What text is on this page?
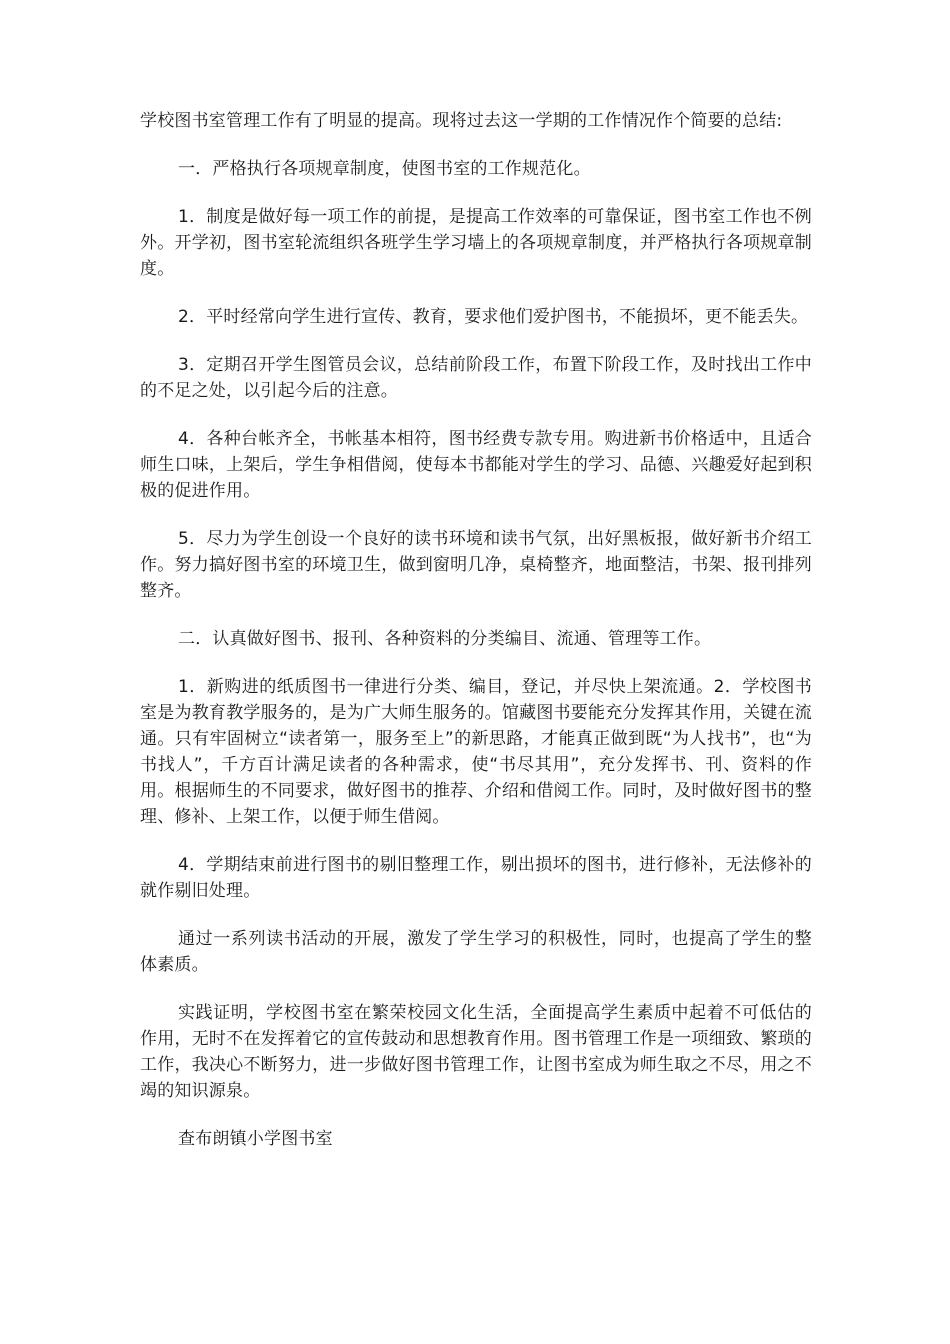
学校图书室管理工作有了明显的提高。现将过去这一学期的工作情况作个简要的总结:

一．严格执行各项规章制度，使图书室的工作规范化。

1．制度是做好每一项工作的前提，是提高工作效率的可靠保证，图书室工作也不例外。开学初，图书室轮流组织各班学生学习墙上的各项规章制度，并严格执行各项规章制度。

2．平时经常向学生进行宣传、教育，要求他们爱护图书，不能损坏，更不能丢失。

3．定期召开学生图管员会议，总结前阶段工作，布置下阶段工作，及时找出工作中的不足之处，以引起今后的注意。

4．各种台帐齐全，书帐基本相符，图书经费专款专用。购进新书价格适中，且适合师生口味，上架后，学生争相借阅，使每本书都能对学生的学习、品德、兴趣爱好起到积极的促进作用。

5．尽力为学生创设一个良好的读书环境和读书气氛，出好黑板报，做好新书介绍工作。努力搞好图书室的环境卫生，做到窗明几净，桌椅整齐，地面整洁，书架、报刊排列整齐。

二．认真做好图书、报刊、各种资料的分类编目、流通、管理等工作。

1．新购进的纸质图书一律进行分类、编目，登记，并尽快上架流通。2．学校图书室是为教育教学服务的，是为广大师生服务的。馆藏图书要能充分发挥其作用，关键在流通。只有牢固树立“读者第一，服务至上”的新思路，才能真正做到既“为人找书”，也“为书找人”，千方百计满足读者的各种需求，使“书尽其用”，充分发挥书、刊、资料的作用。根据师生的不同要求，做好图书的推荐、介绍和借阅工作。同时，及时做好图书的整理、修补、上架工作，以便于师生借阅。

4．学期结束前进行图书的剔旧整理工作，剔出损坏的图书，进行修补，无法修补的就作剔旧处理。

通过一系列读书活动的开展，激发了学生学习的积极性，同时，也提高了学生的整体素质。

实践证明，学校图书室在繁荣校园文化生活，全面提高学生素质中起着不可低估的作用，无时不在发挥着它的宣传鼓动和思想教育作用。图书管理工作是一项细致、繁琐的工作，我决心不断努力，进一步做好图书管理工作，让图书室成为师生取之不尽，用之不竭的知识源泉。

查布朗镇小学图书室
